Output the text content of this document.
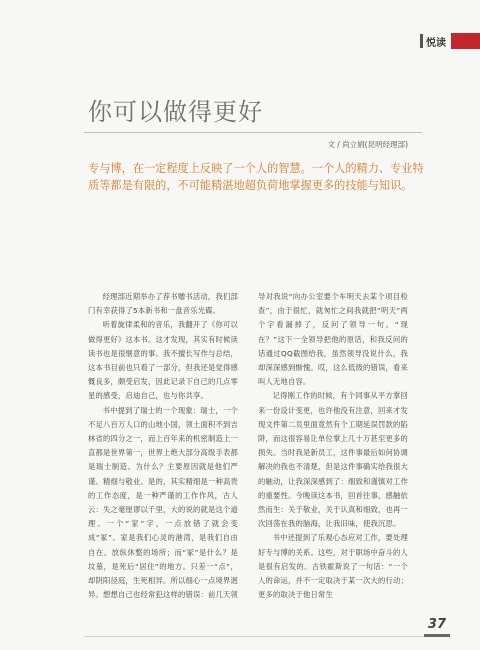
悦读
你可以做得更好
文 / 尚立娟(昆明经理部)
专与博，在一定程度上反映了一个人的智慧。一个人的精力、专业特质等都是有限的，不可能精湛地超负荷地掌握更多的技能与知识。

经理部近期举办了荐书赠书活动，我们部门有幸获得了5本新书和一盘音乐光碟。

听着旋律柔和的音乐，我翻开了《你可以做得更好》这本书。这才发现，其实有时候读读书也是很惬意的事。我不擅长写作与总结，这本书目前也只看了一部分，但我还是觉得感慨良多，颇受启发，因此记录下自己的几点零星的感受，启迪自己，也与你共享。

书中提到了瑞士的一个现象：瑞士，一个不足八百万人口的山地小国，领土面积不到吉林省的四分之一，而上百年来的机密制造上一直都是世界第一，世界上绝大部分高级手表都是瑞士制造。为什么？主要原因就是他们严谨、精细与敬业。是的，其实精细是一种高贵的工作态度，是一种严谨的工作作风，古人云：失之毫厘谬以千里，大的说的就是这个道理。一个“家”字，一点放错了就会变成“冢”。家是我们心灵的港湾，是我们自由自在、放纵休整的场所；而“冢”是什么？是坟墓，是死后“居住”的地方。只差一“点”，却阴阳径庭，生死相异。所以细心一点境界迥异。想想自己也经常犯这样的错误：前几天领

导对我说“向办公室要个车明天去某个项目检查”，由于很忙，就匆忙之间我就把“明天”两个字看漏掉了，反问了领导一句。“现在？”这下一全领导把他的原话，和我反问的话通过QQ截图给我，虽然领导没说什么，我却深深感到惭愧。哎，这么低级的错误，看来叫人无地自容。

记得刚工作的时候，有个同事从平方掌回来一份设计变更，也许他没有注意，回来才发现文件第二页里面竟然有个工期延误罚款的陷阱，而这很容易让单位掌上几十万甚至更多的损失。当时我是新员工，这件事最后如何协调解决的我也不清楚，但是这件事确实给我很大的触动，让我深深感到了：细致和谨慎对工作的重要性。今晚读这本书，回首往事，感触依然而生：关于敬业，关于认真和细致，也再一次回荡在我的脑海，让我旧味，使我沉思。

书中还提到了乐观心态应对工作，要处理好专与博的关系。这些，对于职场中奋斗的人是很有启发的。古铁霍斯说了一句话：“一个人的命运，并不一定取决于某一次大的行动；更多的取决于他日常生

37
